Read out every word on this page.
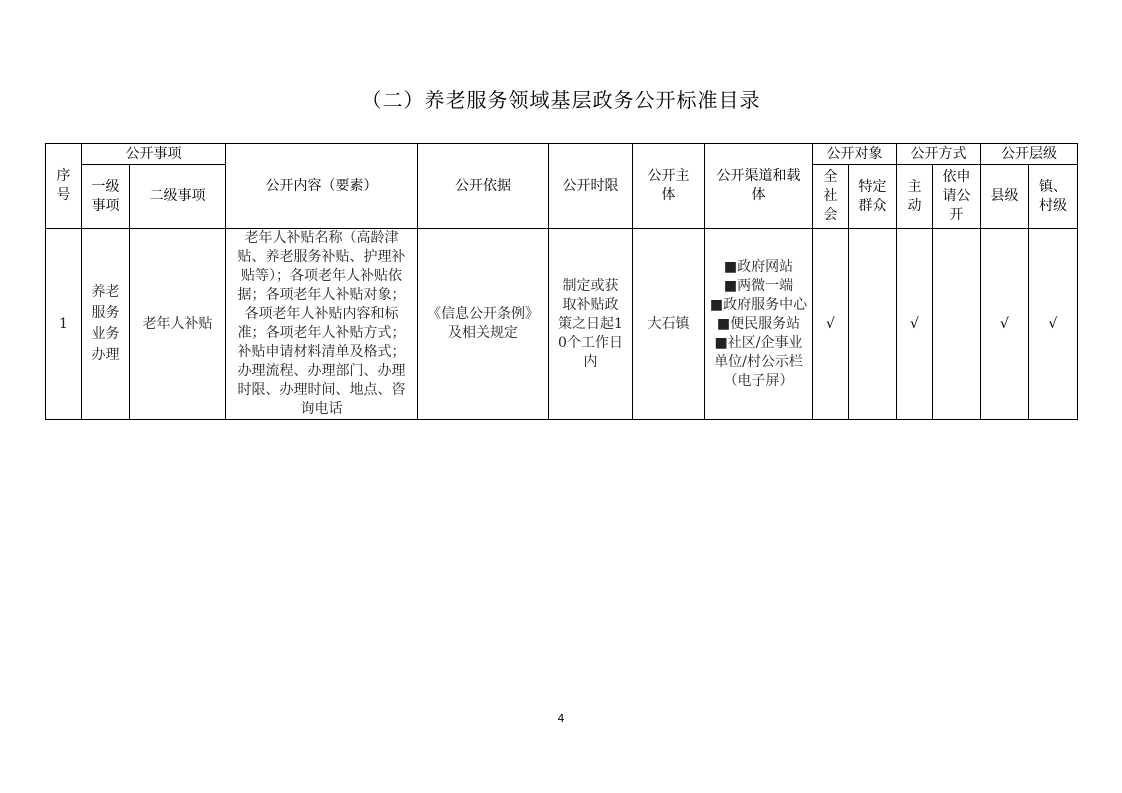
（二）养老服务领域基层政务公开标准目录
序号	公开事项		公开内容（要素）	公开依据	公开时限	公开主体	公开渠道和载体	公开对象		公开方式		公开层级	

	一级事项	二级事项						全社会	特定群众	主动	依申请公开	县级	镇、村级

1	养老服务业务办理	老年人补贴	老年人补贴名称（高龄津贴、养老服务补贴、护理补贴等）；各项老年人补贴依据；各项老年人补贴对象；各项老年人补贴内容和标准；各项老年人补贴方式；补贴申请材料清单及格式；办理流程、办理部门、办理时限、办理时间、地点、咨询电话	《信息公开条例》及相关规定	制定或获取补贴政策之日起10个工作日内	大石镇	■政府网站
■两微一端
■政府服务中心
■便民服务站
■社区/企事业单位/村公示栏（电子屏）	√		√		√	√
4
